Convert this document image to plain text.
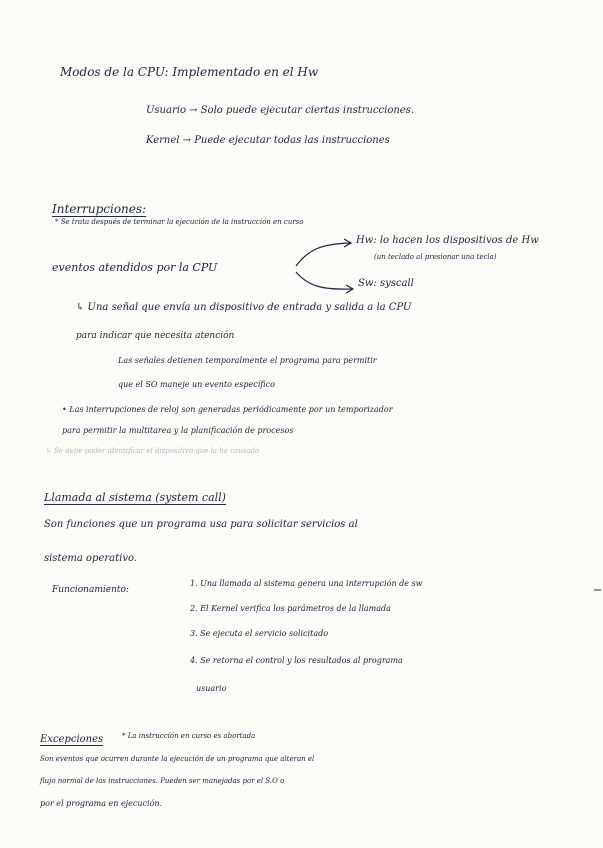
Modos de la CPU: Implementado en el Hw
Usuario → Solo puede ejecutar ciertas instrucciones.
Kernel → Puede ejecutar todas las instrucciones
Interrupciones:
* Se trata después de terminar la ejecución de la instrucción en curso
eventos atendidos por la CPU
Hw: lo hacen los dispositivos de Hw
(un teclado al presionar una tecla)
Sw: syscall
↳ Una señal que envía un dispositivo de entrada y salida a la CPU
para indicar que necesita atención
Las señales detienen temporalmente el programa para permitir
que el SO maneje un evento específico
• Las interrupciones de reloj son generadas periódicamente por un temporizador
para permitir la multitarea y la planificación de procesos
↳ Se debe poder identificar el dispositivo que la ha causado
Llamada al sistema (system call)
Son funciones que un programa usa para solicitar servicios al
sistema operativo.
Funcionamiento:
1. Una llamada al sistema genera una interrupción de sw
2. El Kernel verifica los parámetros de la llamada
3. Se ejecuta el servicio solicitado
4. Se retorna el control y los resultados al programa
usuario
Excepciones	* La instrucción en curso es abortada
Son eventos que ocurren durante la ejecución de un programa que alteran el
flujo normal de las instrucciones. Pueden ser manejadas por el S.O o
por el programa en ejecución.
